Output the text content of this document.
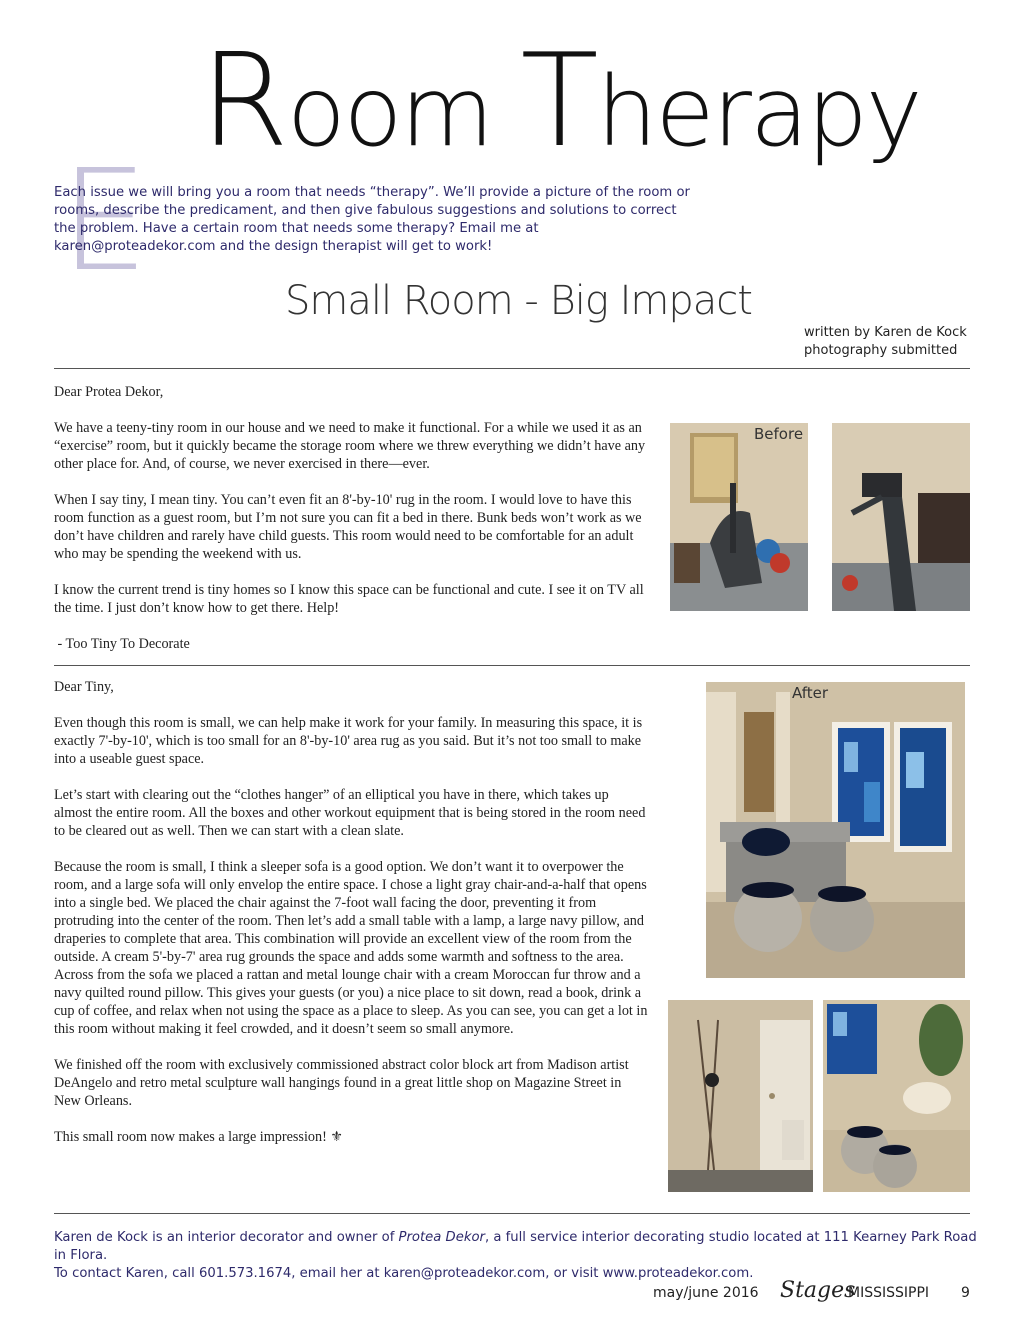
Room Therapy
E

Each issue we will bring you a room that needs “therapy”. We’ll provide a picture of the room or rooms, describe the predicament, and then give fabulous suggestions and solutions to correct the problem. Have a certain room that needs some therapy? Email me at karen@proteadekor.com and the design therapist will get to work!

Small Room - Big Impact
written by Karen de Kock
photography submitted

Dear Protea Dekor,

We have a teeny-tiny room in our house and we need to make it functional. For a while we used it as an “exercise” room, but it quickly became the storage room where we threw everything we didn’t have any other place for. And, of course, we never exercised in there—ever.

When I say tiny, I mean tiny. You can’t even fit an 8'-by-10' rug in the room. I would love to have this room function as a guest room, but I’m not sure you can fit a bed in there. Bunk beds won’t work as we don’t have children and rarely have child guests. This room would need to be comfortable for an adult who may be spending the weekend with us.

I know the current trend is tiny homes so I know this space can be functional and cute. I see it on TV all the time. I just don’t know how to get there. Help!

- Too Tiny To Decorate

Before

Dear Tiny,

Even though this room is small, we can help make it work for your family. In measuring this space, it is exactly 7'-by-10', which is too small for an 8'-by-10' area rug as you said. But it’s not too small to make into a useable guest space.

Let’s start with clearing out the “clothes hanger” of an elliptical you have in there, which takes up almost the entire room. All the boxes and other workout equipment that is being stored in the room need to be cleared out as well. Then we can start with a clean slate.

Because the room is small, I think a sleeper sofa is a good option. We don’t want it to overpower the room, and a large sofa will only envelop the entire space. I chose a light gray chair-and-a-half that opens into a single bed. We placed the chair against the 7-foot wall facing the door, preventing it from protruding into the center of the room. Then let’s add a small table with a lamp, a large navy pillow, and draperies to complete that area. This combination will provide an excellent view of the room from the outside. A cream 5'-by-7' area rug grounds the space and adds some warmth and softness to the area. Across from the sofa we placed a rattan and metal lounge chair with a cream Moroccan fur throw and a navy quilted round pillow. This gives your guests (or you) a nice place to sit down, read a book, drink a cup of coffee, and relax when not using the space as a place to sleep. As you can see, you can get a lot in this room without making it feel crowded, and it doesn’t seem so small anymore.

We finished off the room with exclusively commissioned abstract color block art from Madison artist DeAngelo and retro metal sculpture wall hangings found in a great little shop on Magazine Street in New Orleans.

This small room now makes a large impression! ⚜

After

Karen de Kock is an interior decorator and owner of Protea Dekor, a full service interior decorating studio located at 111 Kearney Park Road in Flora.

To contact Karen, call 601.573.1674, email her at karen@proteadekor.com, or visit www.proteadekor.com.

may/june 2016 Stages
MISSISSIPPI 9
